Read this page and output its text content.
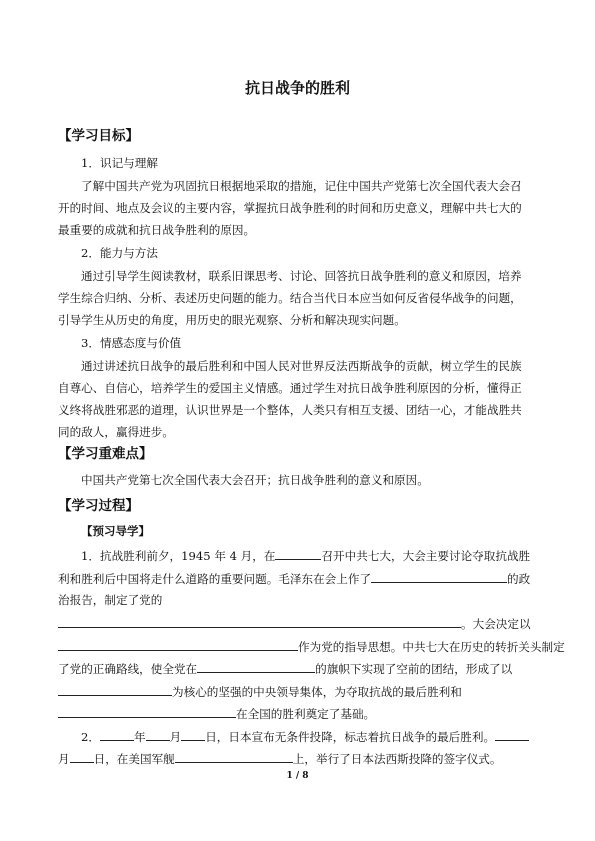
抗日战争的胜利
【学习目标】
1．识记与理解
了解中国共产党为巩固抗日根据地采取的措施，记住中国共产党第七次全国代表大会召
开的时间、地点及会议的主要内容，掌握抗日战争胜利的时间和历史意义，理解中共七大的
最重要的成就和抗日战争胜利的原因。
2．能力与方法
通过引导学生阅读教材，联系旧课思考、讨论、回答抗日战争胜利的意义和原因，培养
学生综合归纳、分析、表述历史问题的能力。结合当代日本应当如何反省侵华战争的问题，
引导学生从历史的角度，用历史的眼光观察、分析和解决现实问题。
3．情感态度与价值
通过讲述抗日战争的最后胜利和中国人民对世界反法西斯战争的贡献，树立学生的民族
自尊心、自信心，培养学生的爱国主义情感。通过学生对抗日战争胜利原因的分析，懂得正
义终将战胜邪恶的道理，认识世界是一个整体，人类只有相互支援、团结一心，才能战胜共
同的敌人，赢得进步。
【学习重难点】
中国共产党第七次全国代表大会召开；抗日战争胜利的意义和原因。
【学习过程】
【预习导学】
1．抗战胜利前夕，1945 年 4 月，在	召开中共七大，大会主要讨论夺取抗战胜
利和胜利后中国将走什么道路的重要问题。毛泽东在会上作了	的政
治报告，制定了党的
。大会决定以
作为党的指导思想。中共七大在历史的转折关头制定
了党的正确路线，使全党在	的旗帜下实现了空前的团结，形成了以
为核心的坚强的中央领导集体，为夺取抗战的最后胜利和
在全国的胜利奠定了基础。
2．	年 月 日，日本宣布无条件投降，标志着抗日战争的最后胜利。
月 日，在美国军舰	上，举行了日本法西斯投降的签字仪式。
1 / 8
